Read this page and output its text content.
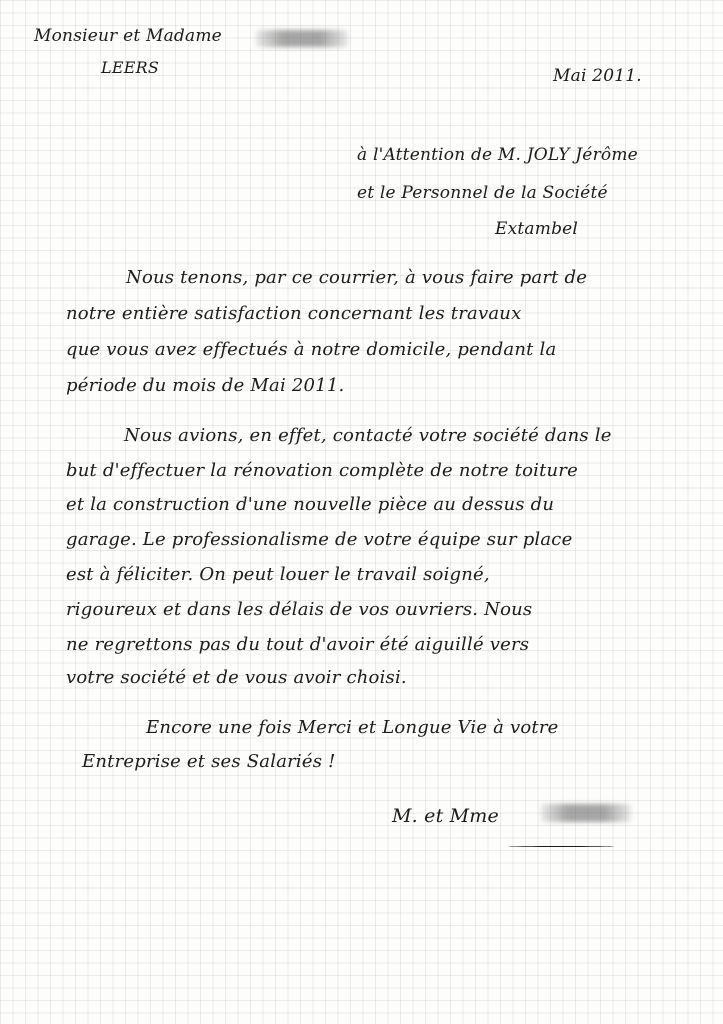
Monsieur et Madame
LEERS	Mai 2011.
à l'Attention de M. JOLY Jérôme
et le Personnel de la Société
Extambel
Nous tenons, par ce courrier, à vous faire part de
notre entière satisfaction concernant les travaux
que vous avez effectués à notre domicile, pendant la
période du mois de Mai 2011.
Nous avions, en effet, contacté votre société dans le
but d'effectuer la rénovation complète de notre toiture
et la construction d'une nouvelle pièce au dessus du
garage. Le professionalisme de votre équipe sur place
est à féliciter. On peut louer le travail soigné,
rigoureux et dans les délais de vos ouvriers. Nous
ne regrettons pas du tout d'avoir été aiguillé vers
votre société et de vous avoir choisi.
Encore une fois Merci et Longue Vie à votre
Entreprise et ses Salariés !
M. et Mme
